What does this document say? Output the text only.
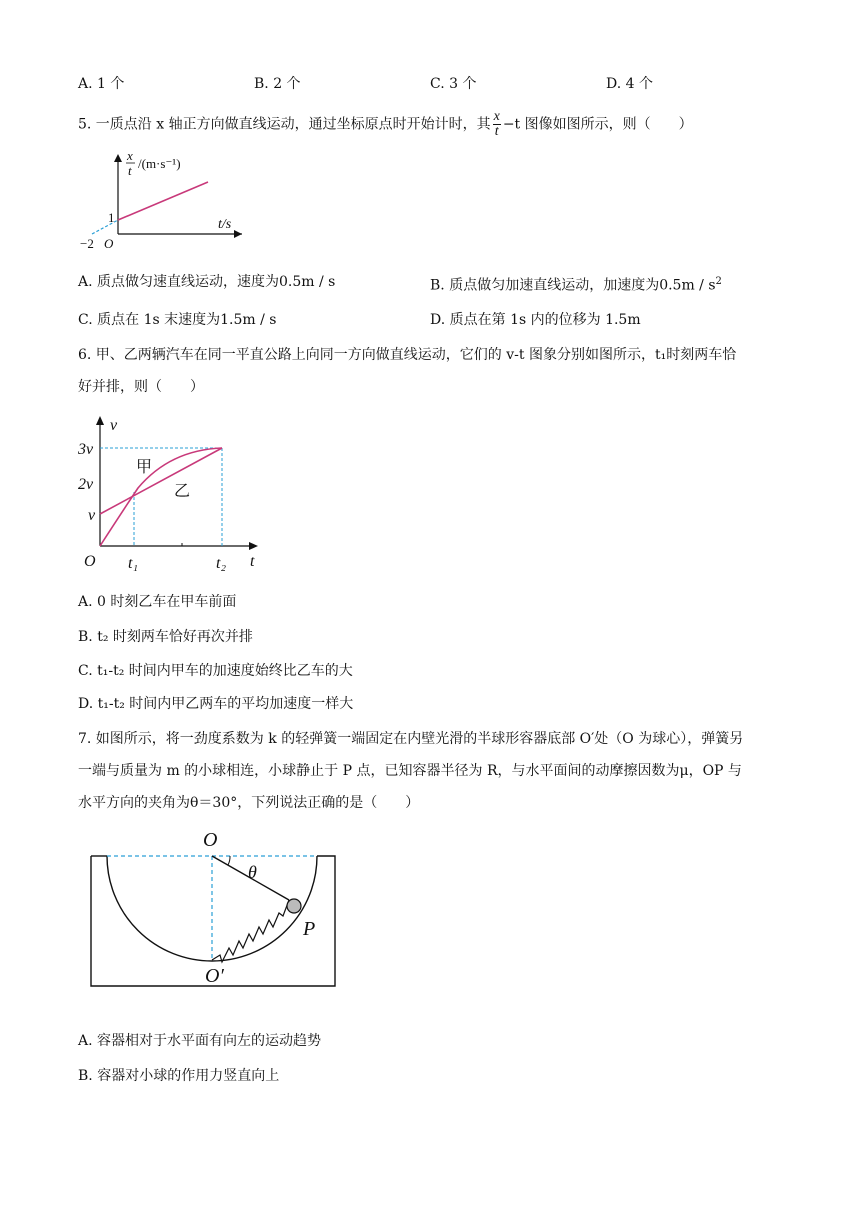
A. 1 个	B. 2 个	C. 3 个	D. 4 个
5. 一质点沿 x 轴正方向做直线运动，通过坐标原点时开始计时，其 $\frac{x}{t} -t$ 图像如图所示，则（　　）
x
t /(m·s⁻¹)
t/s
1
−2 O
A. 质点做匀速直线运动，速度为0.5m / s	B. 质点做匀加速直线运动，加速度为$0.5m / s^2$
C. 质点在 1s 末速度为1.5m / s	D. 质点在第 1s 内的位移为 1.5m
6. 甲、乙两辆汽车在同一平直公路上向同一方向做直线运动，它们的 v-t 图象分别如图所示，t₁时刻两车恰
好并排，则（　　）
v
3v
2v
v
O t₁	t₂ t
甲
乙
A. 0 时刻乙车在甲车前面
B. t₂ 时刻两车恰好再次并排
C. t₁-t₂ 时间内甲车的加速度始终比乙车的大
D. t₁-t₂ 时间内甲乙两车的平均加速度一样大
7. 如图所示，将一劲度系数为 k 的轻弹簧一端固定在内壁光滑的半球形容器底部 O′处（O 为球心），弹簧另
一端与质量为 m 的小球相连，小球静止于 P 点，已知容器半径为 R，与水平面间的动摩擦因数为μ，OP 与
水平方向的夹角为θ＝30°，下列说法正确的是（　　）
O
θ
P
O′
A. 容器相对于水平面有向左的运动趋势
B. 容器对小球的作用力竖直向上
